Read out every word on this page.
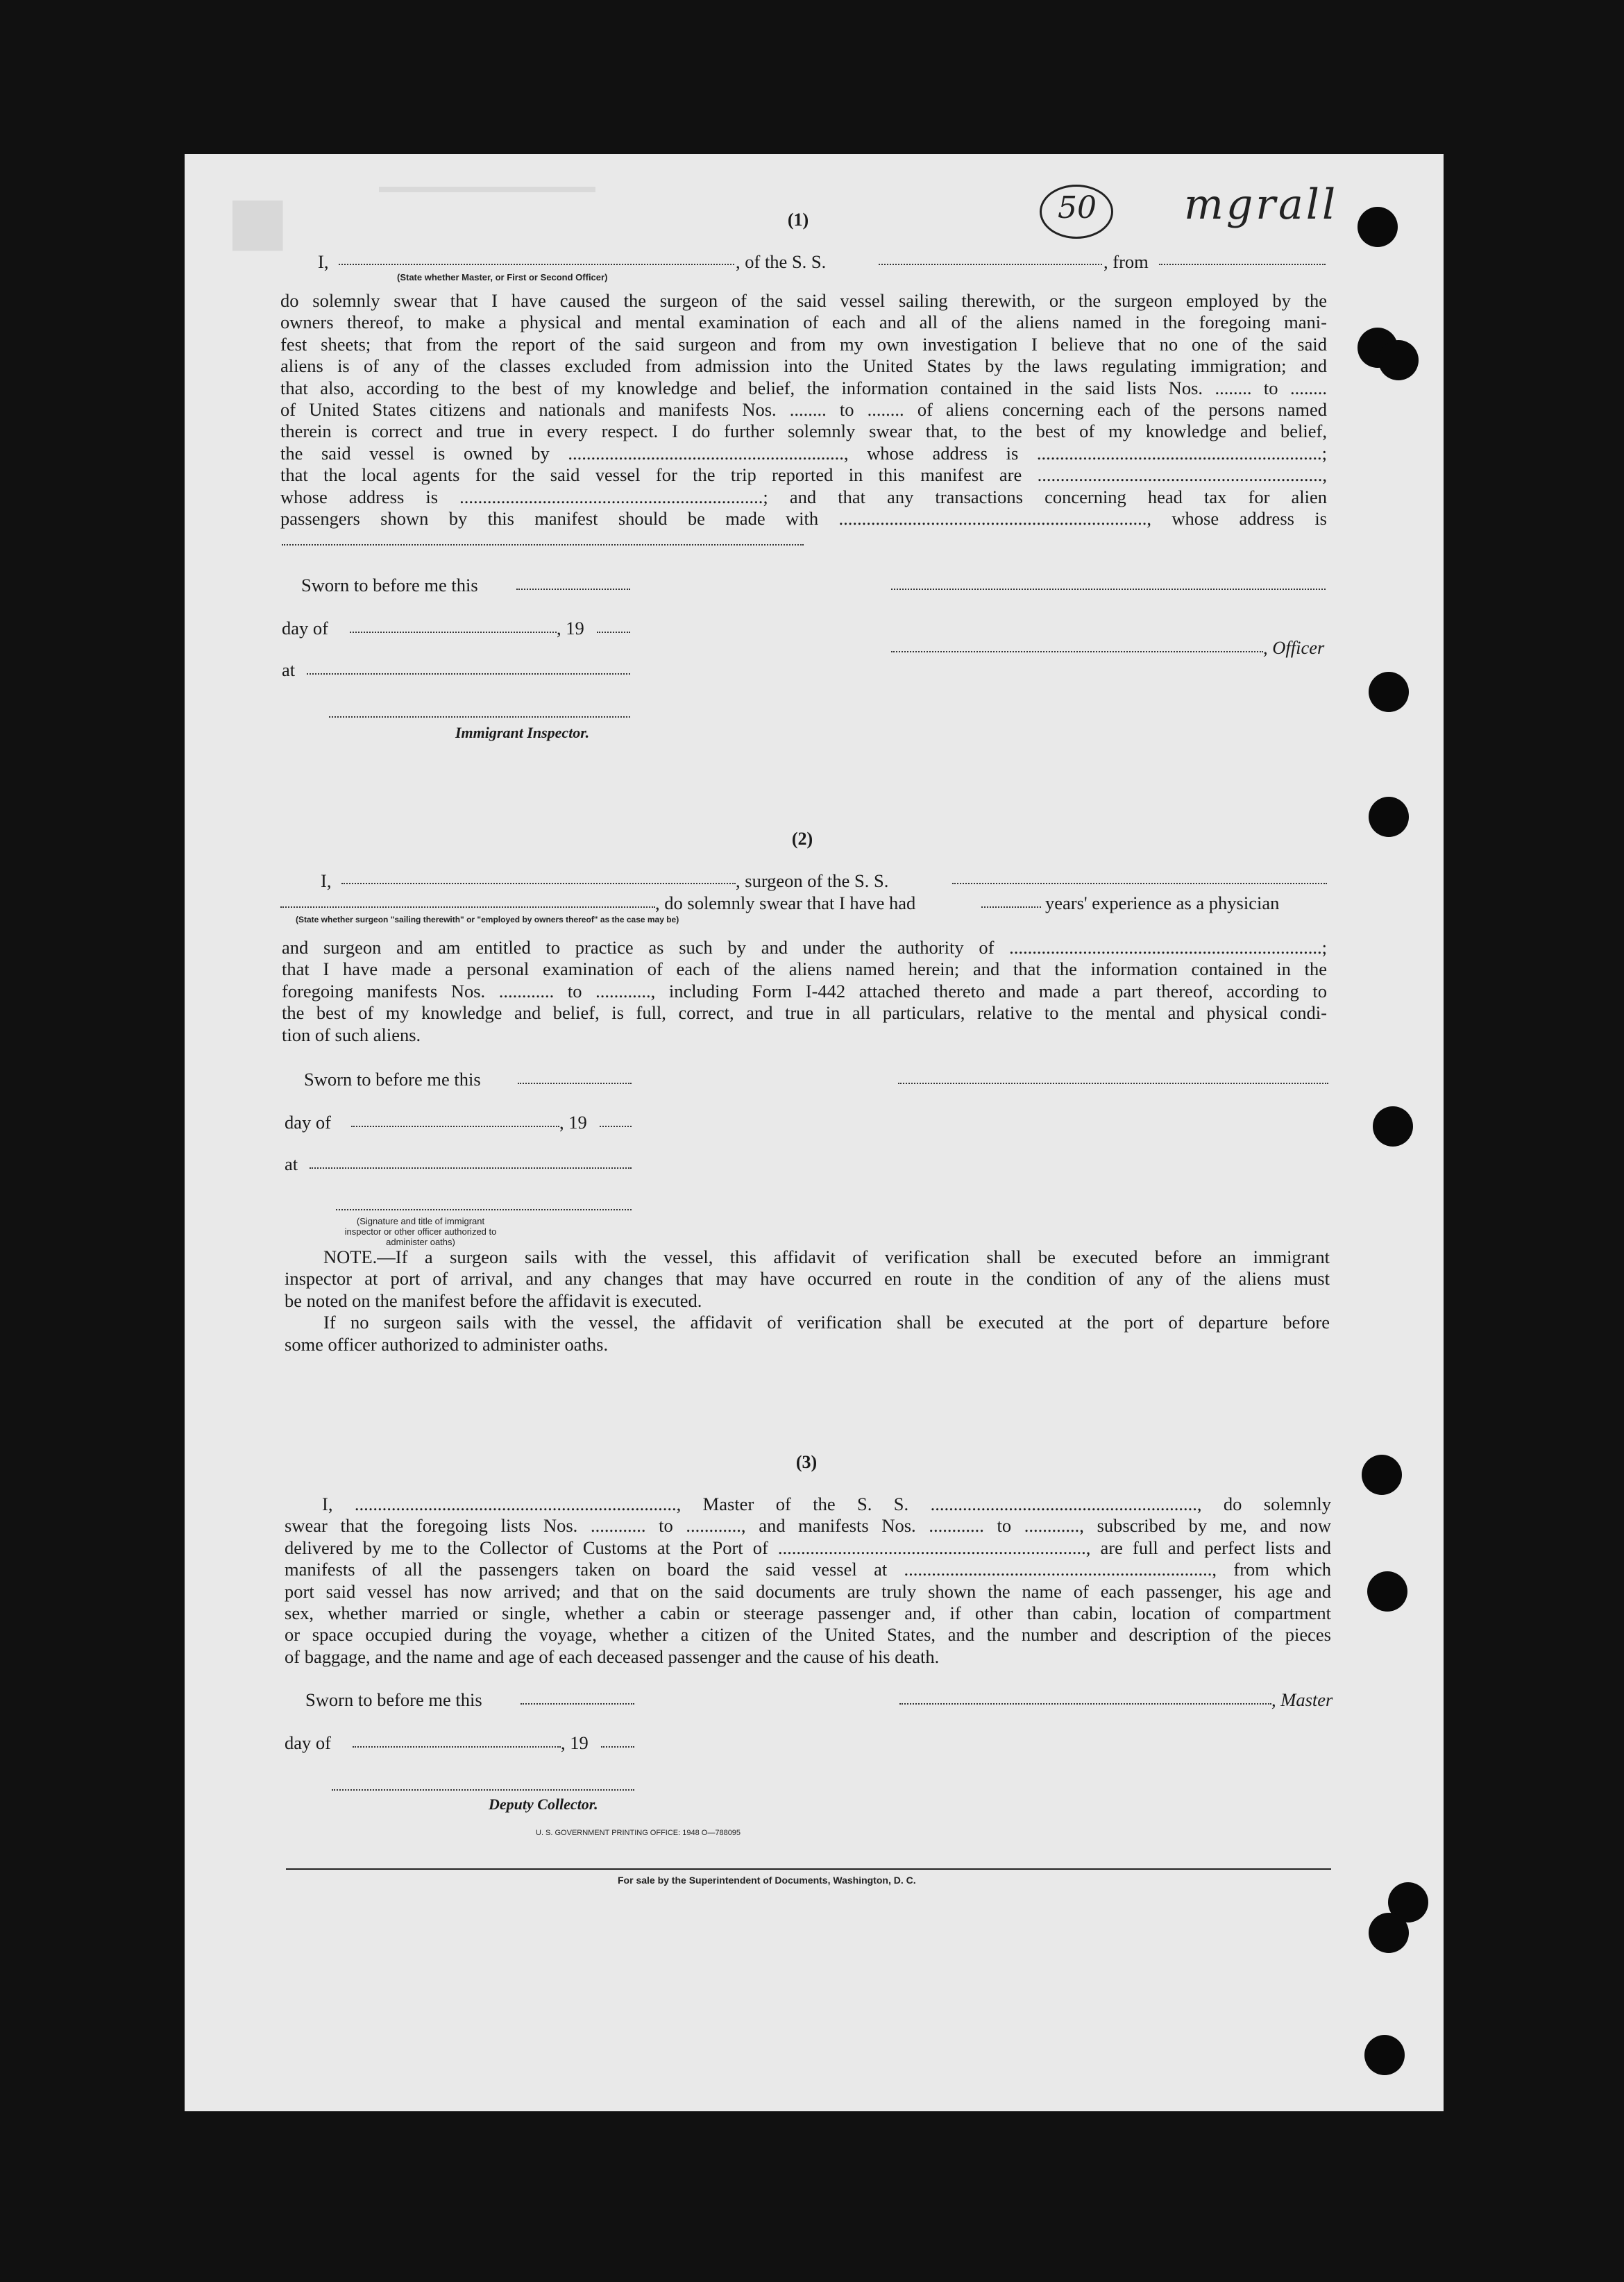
■	▬▬▬▬▬▬▬▬▬▬▬▬	50 mgrall
(1)
I,	, of the S. S.	, from
(State whether Master, or First or Second Officer)
do solemnly swear that I have caused the surgeon of the said vessel sailing therewith, or the surgeon employed by the
owners thereof, to make a physical and mental examination of each and all of the aliens named in the foregoing mani-
fest sheets; that from the report of the said surgeon and from my own investigation I believe that no one of the said
aliens is of any of the classes excluded from admission into the United States by the laws regulating immigration; and
that also, according to the best of my knowledge and belief, the information contained in the said lists Nos. ........ to ........
of United States citizens and nationals and manifests Nos. ........ to ........ of aliens concerning each of the persons named
therein is correct and true in every respect. I do further solemnly swear that, to the best of my knowledge and belief,
the said vessel is owned by ............................................................, whose address is ..............................................................;
that the local agents for the said vessel for the trip reported in this manifest are ..............................................................,
whose address is ..................................................................; and that any transactions concerning head tax for alien
passengers shown by this manifest should be made with ..................................................................., whose address is
Sworn to before me this
day of	, 19
, Officer
at
Immigrant Inspector.
(2)
I,	, surgeon of the S. S.
, do solemnly swear that I have had	years' experience as a physician
(State whether surgeon "sailing therewith" or "employed by owners thereof" as the case may be)
and surgeon and am entitled to practice as such by and under the authority of ....................................................................;
that I have made a personal examination of each of the aliens named herein; and that the information contained in the
foregoing manifests Nos. ............ to ............, including Form I-442 attached thereto and made a part thereof, according to
the best of my knowledge and belief, is full, correct, and true in all particulars, relative to the mental and physical condi-
tion of such aliens.
Sworn to before me this
day of	, 19
at
(Signature and title of immigrant inspector or other officer authorized to administer oaths)
NOTE.—If a surgeon sails with the vessel, this affidavit of verification shall be executed before an immigrant
inspector at port of arrival, and any changes that may have occurred en route in the condition of any of the aliens must
be noted on the manifest before the affidavit is executed.
If no surgeon sails with the vessel, the affidavit of verification shall be executed at the port of departure before
some officer authorized to administer oaths.
(3)
I, ......................................................................, Master of the S. S. .........................................................., do solemnly
swear that the foregoing lists Nos. ............ to ............, and manifests Nos. ............ to ............, subscribed by me, and now
delivered by me to the Collector of Customs at the Port of ..................................................................., are full and perfect lists and
manifests of all the passengers taken on board the said vessel at ..................................................................., from which
port said vessel has now arrived; and that on the said documents are truly shown the name of each passenger, his age and
sex, whether married or single, whether a cabin or steerage passenger and, if other than cabin, location of compartment
or space occupied during the voyage, whether a citizen of the United States, and the number and description of the pieces
of baggage, and the name and age of each deceased passenger and the cause of his death.
Sworn to before me this	, Master
day of	, 19
Deputy Collector.
U. S. GOVERNMENT PRINTING OFFICE: 1948 O—788095
For sale by the Superintendent of Documents, Washington, D. C.
